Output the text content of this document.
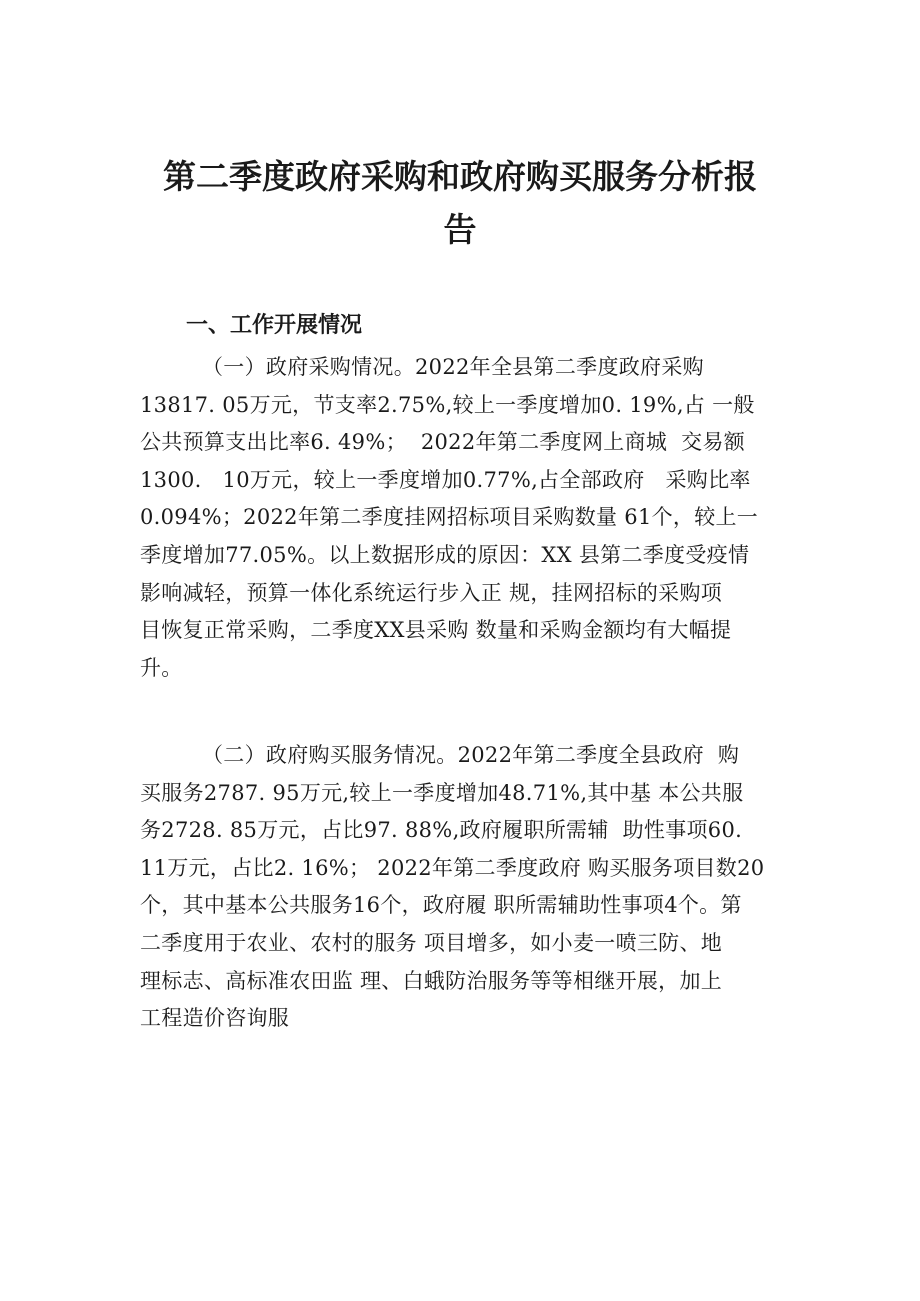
第二季度政府采购和政府购买服务分析报
告
一、工作开展情况
（一）政府采购情况。2022年全县第二季度政府采购
13817. 05万元，节支率2.75%,较上一季度增加0. 19%,占 一般
公共预算支出比率6. 49%；  2022年第二季度网上商城  交易额
1300.   10万元，较上一季度增加0.77%,占全部政府   采购比率
0.094%；2022年第二季度挂网招标项目采购数量 61个，较上一
季度增加77.05%。以上数据形成的原因：XX 县第二季度受疫情
影响减轻，预算一体化系统运行步入正 规，挂网招标的采购项
目恢复正常采购，二季度XX县采购 数量和采购金额均有大幅提
升。
（二）政府购买服务情况。2022年第二季度全县政府  购
买服务2787. 95万元,较上一季度增加48.71%,其中基 本公共服
务2728. 85万元，占比97. 88%,政府履职所需辅  助性事项60.
11万元，占比2. 16%； 2022年第二季度政府 购买服务项目数20
个，其中基本公共服务16个，政府履 职所需辅助性事项4个。第
二季度用于农业、农村的服务 项目增多，如小麦一喷三防、地
理标志、高标准农田监 理、白蛾防治服务等等相继开展，加上
工程造价咨询服
